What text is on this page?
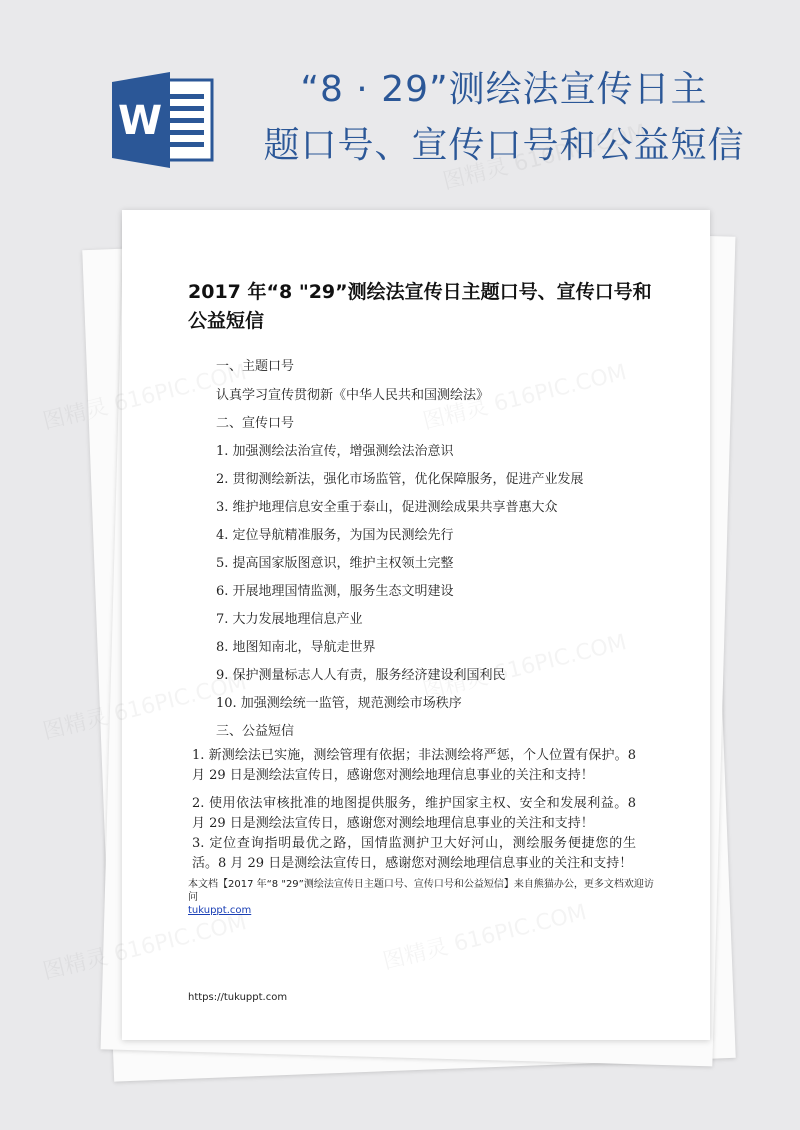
W
“8 · 29”测绘法宣传日主
题口号、宣传口号和公益短信
2017 年“8 "29”测绘法宣传日主题口号、宣传口号和公益短信
一、主题口号
认真学习宣传贯彻新《中华人民共和国测绘法》
二、宣传口号
1. 加强测绘法治宣传，增强测绘法治意识
2. 贯彻测绘新法，强化市场监管，优化保障服务，促进产业发展
3. 维护地理信息安全重于泰山，促进测绘成果共享普惠大众
4. 定位导航精准服务，为国为民测绘先行
5. 提高国家版图意识，维护主权领土完整
6. 开展地理国情监测，服务生态文明建设
7. 大力发展地理信息产业
8. 地图知南北，导航走世界
9. 保护测量标志人人有责，服务经济建设利国利民
10. 加强测绘统一监管，规范测绘市场秩序
三、公益短信
1. 新测绘法已实施，测绘管理有依据；非法测绘将严惩，个人位置有保护。8 月 29 日是测绘法宣传日，感谢您对测绘地理信息事业的关注和支持！
2. 使用依法审核批准的地图提供服务，维护国家主权、安全和发展利益。8 月 29 日是测绘法宣传日，感谢您对测绘地理信息事业的关注和支持！
3. 定位查询指明最优之路，国情监测护卫大好河山，测绘服务便捷您的生活。8 月 29 日是测绘法宣传日，感谢您对测绘地理信息事业的关注和支持！
本文档【2017 年“8 "29”测绘法宣传日主题口号、宣传口号和公益短信】来自熊猫办公，更多文档欢迎访问
tukuppt.com
https://tukuppt.com
